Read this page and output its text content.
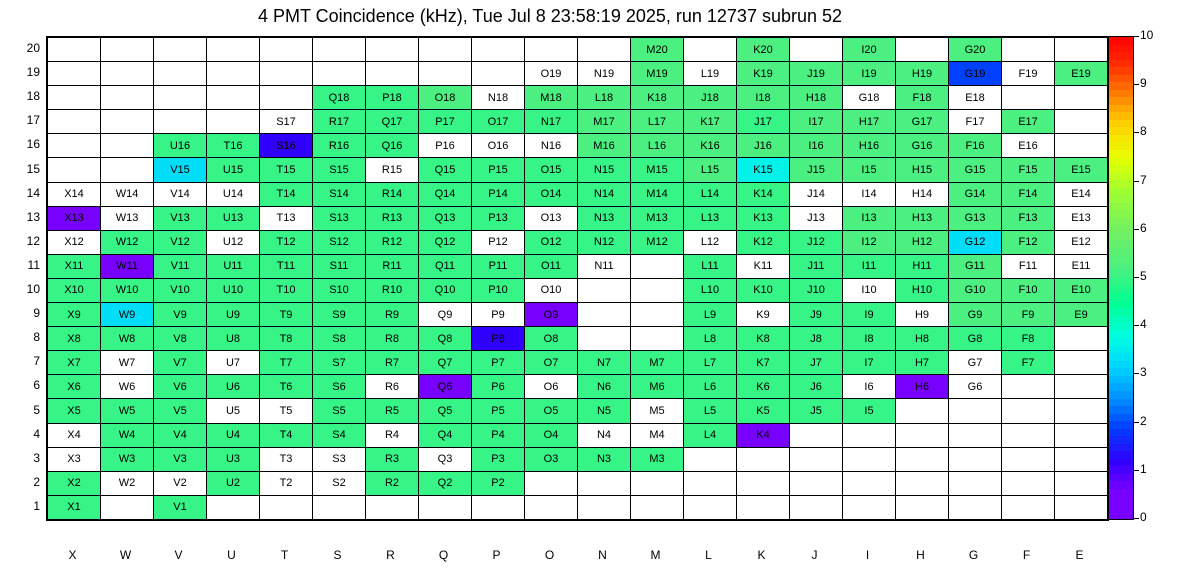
4 PMT Coincidence (kHz), Tue Jul 8 23:58:19 2025, run 12737 subrun 52
											M20		K20		I20		G20		
									O19	N19	M19	L19	K19	J19	I19	H19	G19	F19	E19
					Q18	P18	O18	N18	M18	L18	K18	J18	I18	H18	G18	F18	E18		
				S17	R17	Q17	P17	O17	N17	M17	L17	K17	J17	I17	H17	G17	F17	E17	
		U16	T16	S16	R16	Q16	P16	O16	N16	M16	L16	K16	J16	I16	H16	G16	F16	E16	
		V15	U15	T15	S15	R15	Q15	P15	O15	N15	M15	L15	K15	J15	I15	H15	G15	F15	E15
X14	W14	V14	U14	T14	S14	R14	Q14	P14	O14	N14	M14	L14	K14	J14	I14	H14	G14	F14	E14
X13	W13	V13	U13	T13	S13	R13	Q13	P13	O13	N13	M13	L13	K13	J13	I13	H13	G13	F13	E13
X12	W12	V12	U12	T12	S12	R12	Q12	P12	O12	N12	M12	L12	K12	J12	I12	H12	G12	F12	E12
X11	W11	V11	U11	T11	S11	R11	Q11	P11	O11	N11		L11	K11	J11	I11	H11	G11	F11	E11
X10	W10	V10	U10	T10	S10	R10	Q10	P10	O10			L10	K10	J10	I10	H10	G10	F10	E10
X9	W9	V9	U9	T9	S9	R9	Q9	P9	O9			L9	K9	J9	I9	H9	G9	F9	E9
X8	W8	V8	U8	T8	S8	R8	Q8	P8	O8			L8	K8	J8	I8	H8	G8	F8	
X7	W7	V7	U7	T7	S7	R7	Q7	P7	O7	N7	M7	L7	K7	J7	I7	H7	G7	F7	
X6	W6	V6	U6	T6	S6	R6	Q6	P6	O6	N6	M6	L6	K6	J6	I6	H6	G6		
X5	W5	V5	U5	T5	S5	R5	Q5	P5	O5	N5	M5	L5	K5	J5	I5				
X4	W4	V4	U4	T4	S4	R4	Q4	P4	O4	N4	M4	L4	K4						
X3	W3	V3	U3	T3	S3	R3	Q3	P3	O3	N3	M3								
X2	W2	V2	U2	T2	S2	R2	Q2	P2											
X1		V1																	
20
19
18
17
16
15
14
13
12
11
10
9
8
7
6
5
4
3
2
1
X	W	V	U	T	S	R	Q	P	O	N	M	L	K	J	I	H	G	F	E
0
1
2
3
4
5
6
7
8
9
10
